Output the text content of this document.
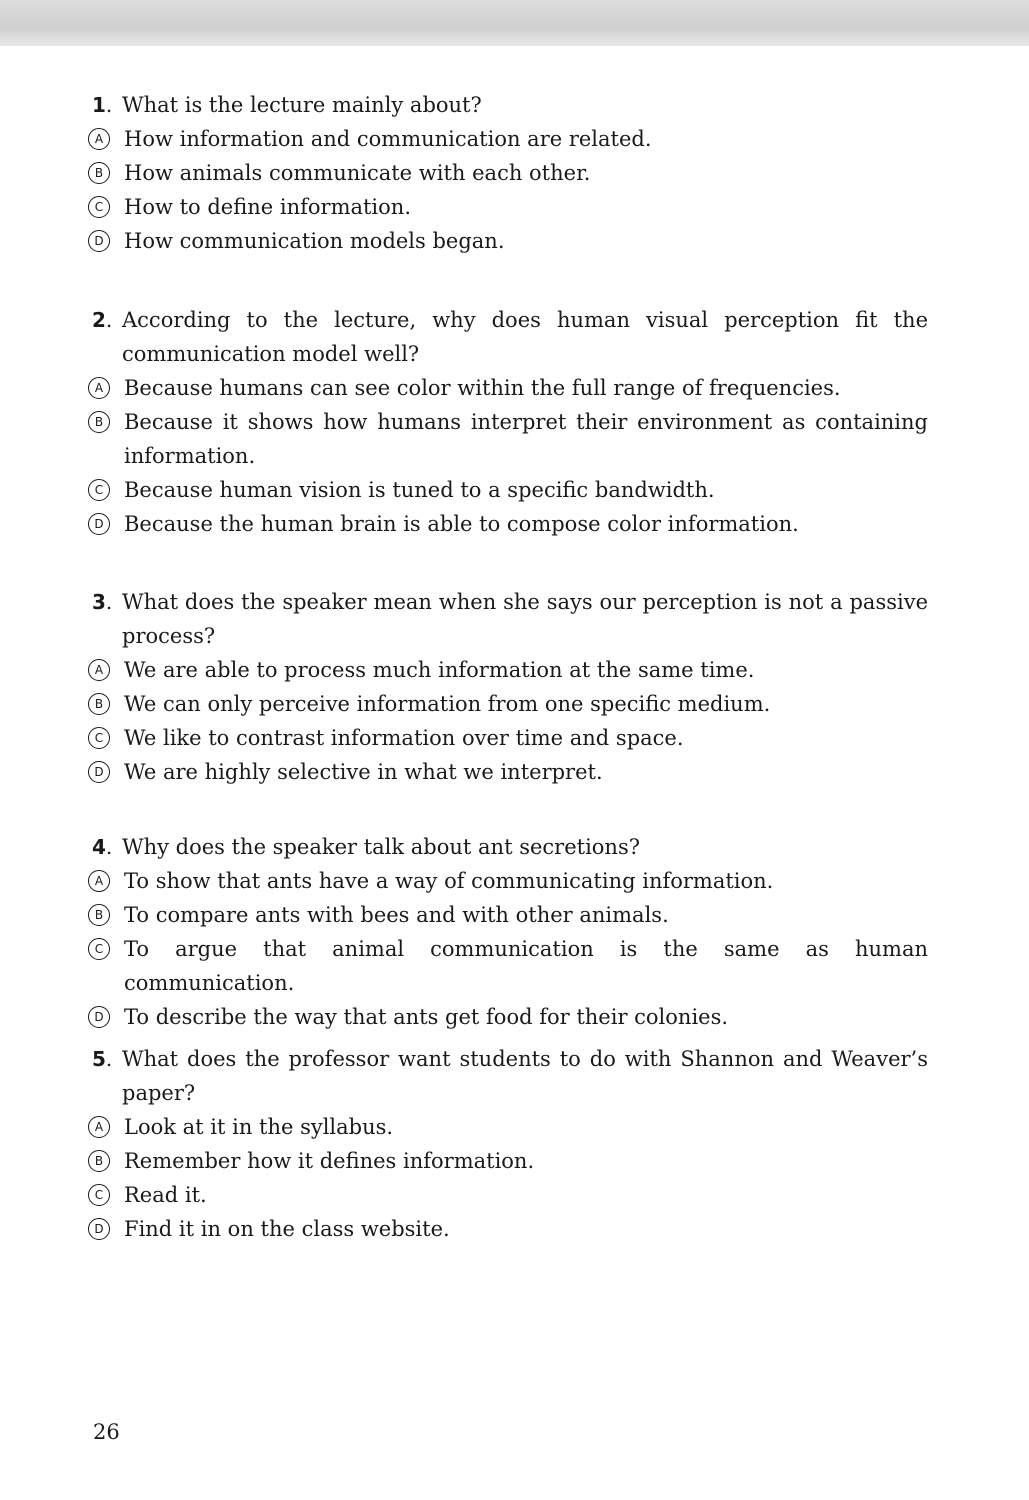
1. What is the lecture mainly about?
A How information and communication are related.
B How animals communicate with each other.
C How to define information.
D How communication models began.
2. According to the lecture, why does human visual perception fit the communication model well?
A Because humans can see color within the full range of frequencies.
B Because it shows how humans interpret their environment as containing information.
C Because human vision is tuned to a specific bandwidth.
D Because the human brain is able to compose color information.
3. What does the speaker mean when she says our perception is not a passive process?
A We are able to process much information at the same time.
B We can only perceive information from one specific medium.
C We like to contrast information over time and space.
D We are highly selective in what we interpret.
4. Why does the speaker talk about ant secretions?
A To show that ants have a way of communicating information.
B To compare ants with bees and with other animals.
C To argue that animal communication is the same as human communication.
D To describe the way that ants get food for their colonies.
5. What does the professor want students to do with Shannon and Weaver’s paper?
A Look at it in the syllabus.
B Remember how it defines information.
C Read it.
D Find it in on the class website.
26
